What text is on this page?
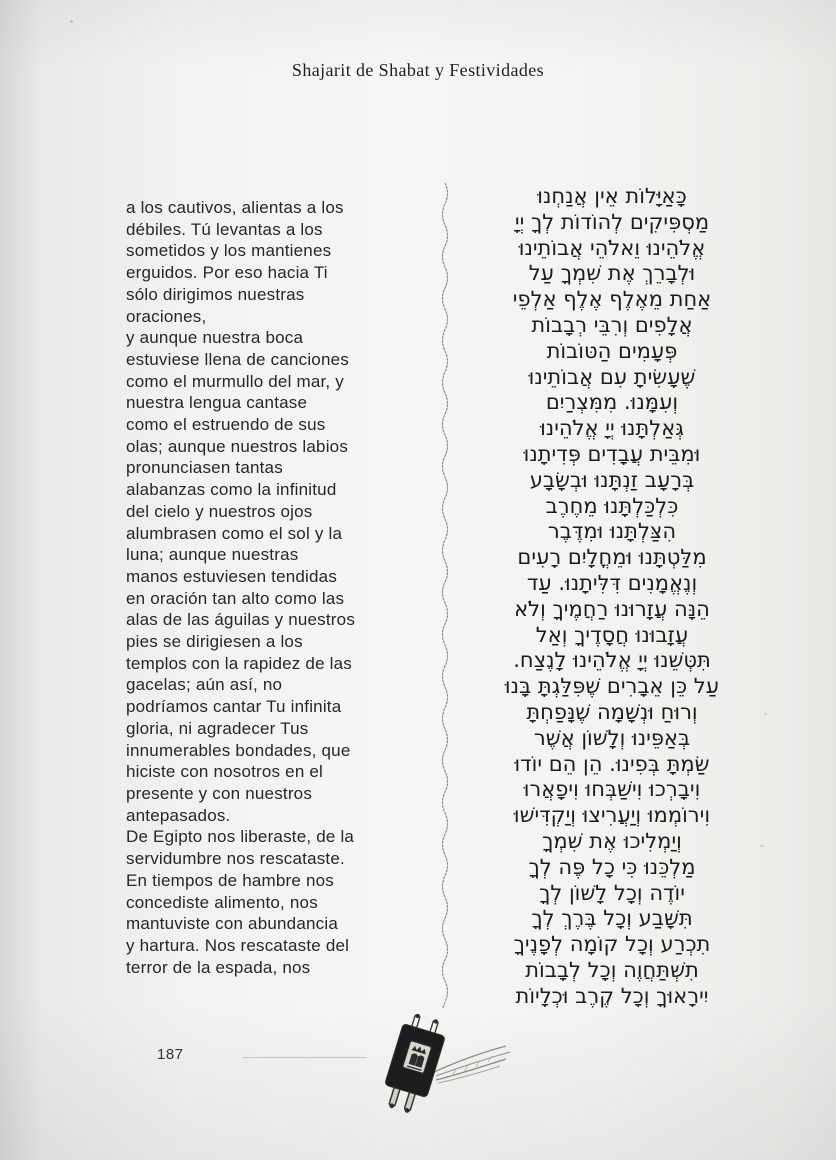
Shajarit de Shabat y Festividades
a los cautivos, alientas a los
débiles. Tú levantas a los
sometidos y los mantienes
erguidos. Por eso hacia Ti
sólo dirigimos nuestras
oraciones,
y aunque nuestra boca
estuviese llena de canciones
como el murmullo del mar, y
nuestra lengua cantase
como el estruendo de sus
olas; aunque nuestros labios
pronunciasen tantas
alabanzas como la infinitud
del cielo y nuestros ojos
alumbrasen como el sol y la
luna; aunque nuestras
manos estuviesen tendidas
en oración tan alto como las
alas de las águilas y nuestros
pies se dirigiesen a los
templos con la rapidez de las
gacelas; aún así, no
podríamos cantar Tu infinita
gloria, ni agradecer Tus
innumerables bondades, que
hiciste con nosotros en el
presente y con nuestros
antepasados.
De Egipto nos liberaste, de la
servidumbre nos rescataste.
En tiempos de hambre nos
concediste alimento, nos
mantuviste con abundancia
y hartura. Nos rescataste del
terror de la espada, nos
כָּאַיָּלוֹת אֵין אֲנַחְנוּ
מַסְפִּיקִים לְהוֹדוֹת לְךָ יְיָ
אֱלֹהֵינוּ וֵאלֹהֵי אֲבוֹתֵינוּ
וּלְבָרֵךְ אֶת שִׁמְךָ עַל
אַחַת מֵאֶלֶף אֶלֶף אַלְפֵי
אֲלָפִים וְרִבֵּי רְבָבוֹת
פְּעָמִים הַטּוֹבוֹת
שֶׁעָשִׂיתָ עִם אֲבוֹתֵינוּ
וְעִמָּנוּ. מִמִּצְרַיִם
גְּאַלְתָּנוּ יְיָ אֱלֹהֵינוּ
וּמִבֵּית עֲבָדִים פְּדִיתָנוּ
בְּרָעָב זַנְתָּנוּ וּבְשָׂבָע
כִּלְכַּלְתָּנוּ מֵחֶרֶב
הִצַּלְתָּנוּ וּמִדֶּבֶר
מִלַּטְתָּנוּ וּמֵחֳלָיִם רָעִים
וְנֶאֱמָנִים דִּלִּיתָנוּ. עַד
הֵנָּה עֲזָרוּנוּ רַחֲמֶיךָ וְלֹא
עֲזָבוּנוּ חֲסָדֶיךָ וְאַל
תִּטְּשֵׁנוּ יְיָ אֱלֹהֵינוּ לָנֶצַח.
עַל כֵּן אֵבָרִים שֶׁפִּלַּגְתָּ בָּנוּ
וְרוּחַ וּנְשָׁמָה שֶׁנָּפַחְתָּ
בְּאַפֵּינוּ וְלָשׁוֹן אֲשֶׁר
שַׂמְתָּ בְּפִינוּ. הֵן הֵם יוֹדוּ
וִיבָרְכוּ וִישַׁבְּחוּ וִיפָאֲרוּ
וִירוֹמְמוּ וְיַעֲרִיצוּ וְיַקְדִּישׁוּ
וְיַמְלִיכוּ אֶת שִׁמְךָ
מַלְכֵּנוּ כִּי כָל פֶּה לְךָ
יוֹדֶה וְכָל לָשׁוֹן לְךָ
תִּשָּׁבַע וְכָל בֶּרֶךְ לְךָ
תִכְרַע וְכָל קוֹמָה לְפָנֶיךָ
תִשְׁתַּחֲוֶה וְכָל לְבָבוֹת
יִירָאוּךָ וְכָל קֶרֶב וּכְלָיוֹת
187
